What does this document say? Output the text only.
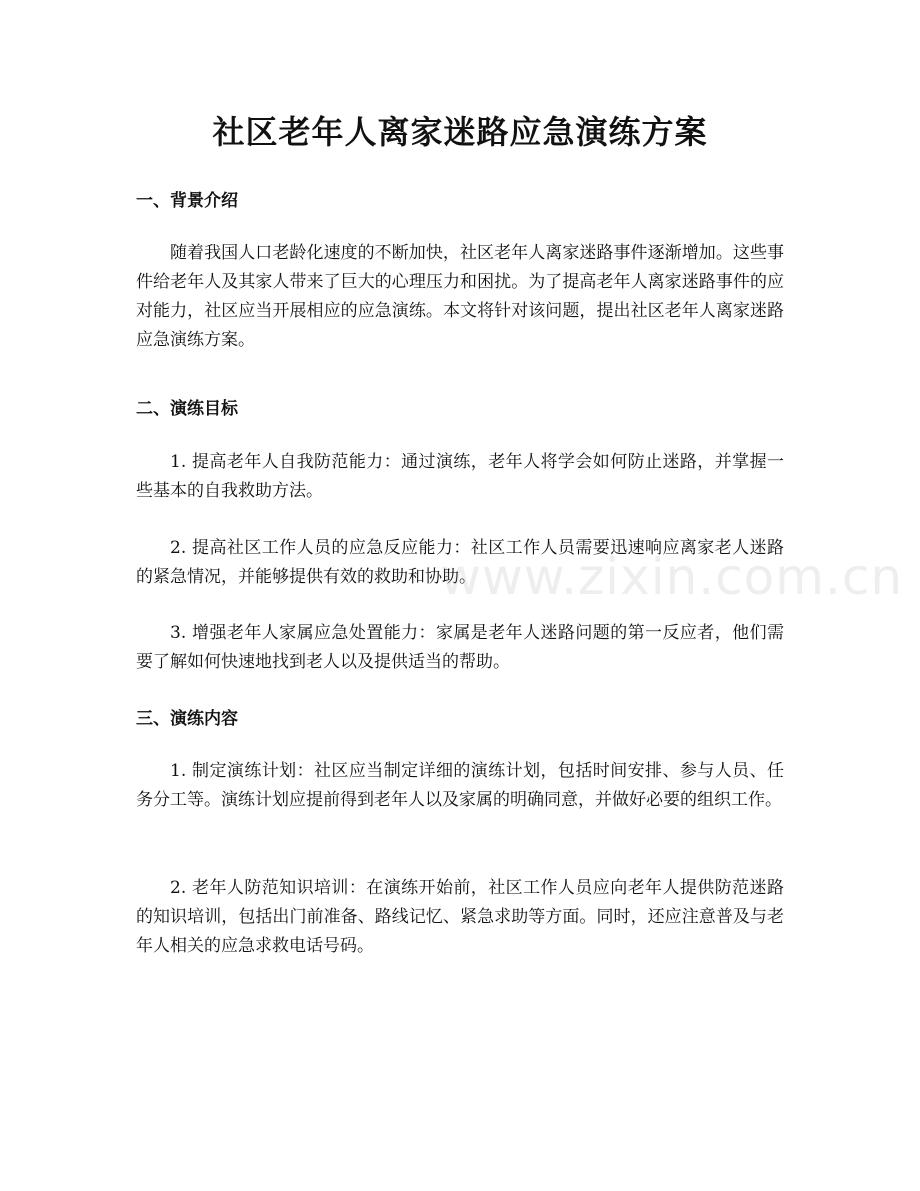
社区老年人离家迷路应急演练方案
一、背景介绍

随着我国人口老龄化速度的不断加快，社区老年人离家迷路事件逐渐增加。这些事件给老年人及其家人带来了巨大的心理压力和困扰。为了提高老年人离家迷路事件的应对能力，社区应当开展相应的应急演练。本文将针对该问题，提出社区老年人离家迷路应急演练方案。

二、演练目标

1. 提高老年人自我防范能力：通过演练，老年人将学会如何防止迷路，并掌握一些基本的自我救助方法。

2. 提高社区工作人员的应急反应能力：社区工作人员需要迅速响应离家老人迷路的紧急情况，并能够提供有效的救助和协助。

3. 增强老年人家属应急处置能力：家属是老年人迷路问题的第一反应者，他们需要了解如何快速地找到老人以及提供适当的帮助。

三、演练内容

1. 制定演练计划：社区应当制定详细的演练计划，包括时间安排、参与人员、任务分工等。演练计划应提前得到老年人以及家属的明确同意，并做好必要的组织工作。

2. 老年人防范知识培训：在演练开始前，社区工作人员应向老年人提供防范迷路的知识培训，包括出门前准备、路线记忆、紧急求助等方面。同时，还应注意普及与老年人相关的应急求救电话号码。

www.zixin.com.cn
